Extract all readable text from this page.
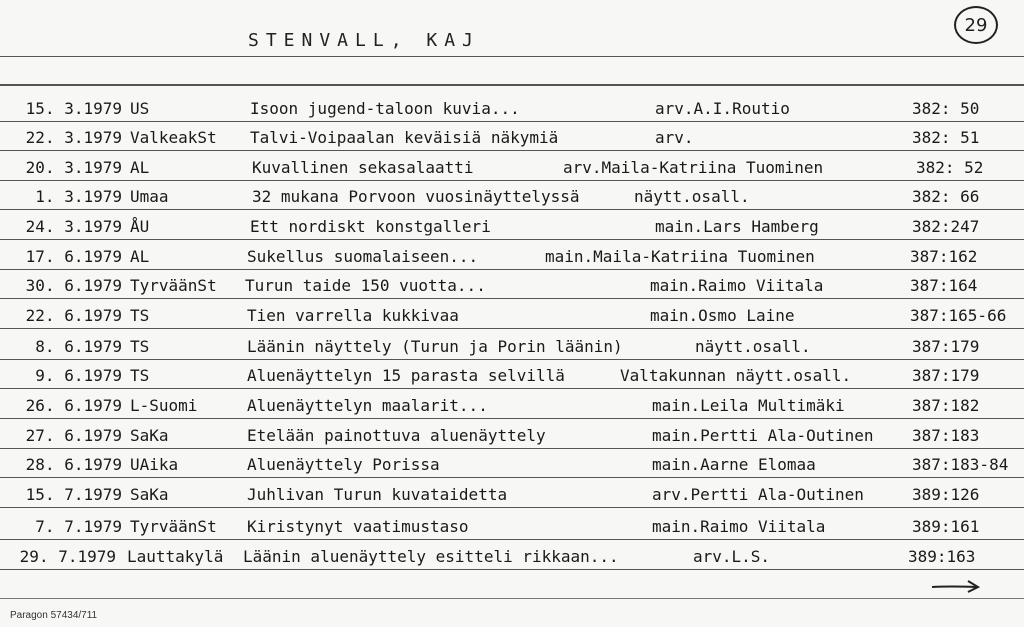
STENVALL, KAJ
29
15. 3.1979 US	Isoon jugend-taloon kuvia...	arv.A.I.Routio	382: 50
22. 3.1979 ValkeakSt Talvi-Voipaalan keväisiä näkymiä	arv.	382: 51
20. 3.1979 AL	Kuvallinen sekasalaatti	arv.Maila-Katriina Tuominen	382: 52
1. 3.1979 Umaa	32 mukana Porvoon vuosinäyttelyssä	näytt.osall.	382: 66
24. 3.1979 ÅU	Ett nordiskt konstgalleri	main.Lars Hamberg	382:247
17. 6.1979 AL	Sukellus suomalaiseen...	main.Maila-Katriina Tuominen	387:162
30. 6.1979 TyrväänSt Turun taide 150 vuotta...	main.Raimo Viitala	387:164
22. 6.1979 TS	Tien varrella kukkivaa	main.Osmo Laine	387:165-66
8. 6.1979 TS	Läänin näyttely (Turun ja Porin läänin)	näytt.osall.	387:179
9. 6.1979 TS	Aluenäyttelyn 15 parasta selvillä	Valtakunnan näytt.osall.	387:179
26. 6.1979 L-Suomi	Aluenäyttelyn maalarit...	main.Leila Multimäki	387:182
27. 6.1979 SaKa	Etelään painottuva aluenäyttely	main.Pertti Ala-Outinen 387:183
28. 6.1979 UAika	Aluenäyttely Porissa	main.Aarne Elomaa	387:183-84
15. 7.1979 SaKa	Juhlivan Turun kuvataidetta	arv.Pertti Ala-Outinen	389:126
7. 7.1979 TyrväänSt Kiristynyt vaatimustaso	main.Raimo Viitala	389:161
29. 7.1979 Lauttakylä Läänin aluenäyttely esitteli rikkaan...	arv.L.S.	389:163
Paragon 57434/711
